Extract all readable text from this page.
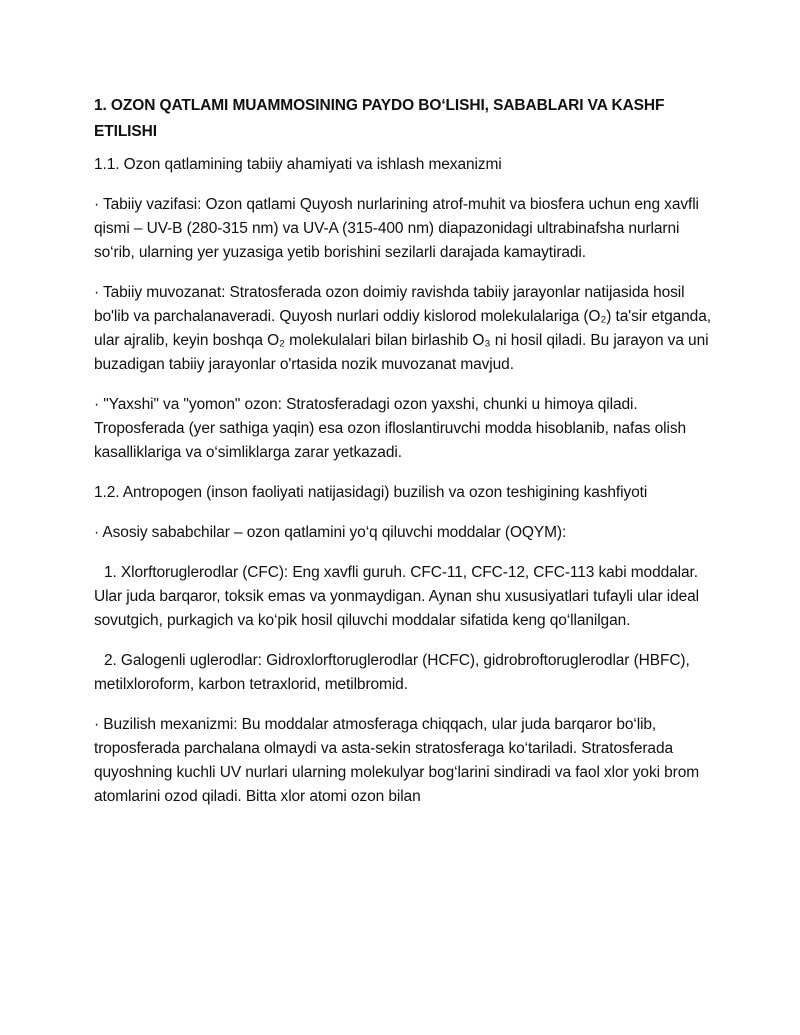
1. OZON QATLAMI MUAMMOSINING PAYDO BO‘LISHI, SABABLARI VA KASHF ETILISHI
1.1. Ozon qatlamining tabiiy ahamiyati va ishlash mexanizmi
· Tabiiy vazifasi: Ozon qatlami Quyosh nurlarining atrof-muhit va biosfera uchun eng xavfli qismi – UV-B (280-315 nm) va UV-A (315-400 nm) diapazonidagi ultrabinafsha nurlarni so‘rib, ularning yer yuzasiga yetib borishini sezilarli darajada kamaytiradi.
· Tabiiy muvozanat: Stratosferada ozon doimiy ravishda tabiiy jarayonlar natijasida hosil bo'lib va parchalanaveradi. Quyosh nurlari oddiy kislorod molekulalariga (O₂) ta'sir etganda, ular ajralib, keyin boshqa O₂ molekulalari bilan birlashib O₃ ni hosil qiladi. Bu jarayon va uni buzadigan tabiiy jarayonlar o'rtasida nozik muvozanat mavjud.
· "Yaxshi" va "yomon" ozon: Stratosferadagi ozon yaxshi, chunki u himoya qiladi. Troposferada (yer sathiga yaqin) esa ozon ifloslantiruvchi modda hisoblanib, nafas olish kasalliklariga va o‘simliklarga zarar yetkazadi.
1.2. Antropogen (inson faoliyati natijasidagi) buzilish va ozon teshigining kashfiyoti
· Asosiy sababchilar – ozon qatlamini yo‘q qiluvchi moddalar (OQYM):
1. Xlorftoruglerodlar (CFC): Eng xavfli guruh. CFC-11, CFC-12, CFC-113 kabi moddalar. Ular juda barqaror, toksik emas va yonmaydigan. Aynan shu xususiyatlari tufayli ular ideal sovutgich, purkagich va ko‘pik hosil qiluvchi moddalar sifatida keng qo‘llanilgan.
2. Galogenli uglerodlar: Gidroxlorftoruglerodlar (HCFC), gidrobroftoruglerodlar (HBFC), metilxloroform, karbon tetraxlorid, metilbromid.
· Buzilish mexanizmi: Bu moddalar atmosferaga chiqqach, ular juda barqaror bo‘lib, troposferada parchalana olmaydi va asta-sekin stratosferaga ko‘tariladi. Stratosferada quyoshning kuchli UV nurlari ularning molekulyar bog‘larini sindiradi va faol xlor yoki brom atomlarini ozod qiladi. Bitta xlor atomi ozon bilan
